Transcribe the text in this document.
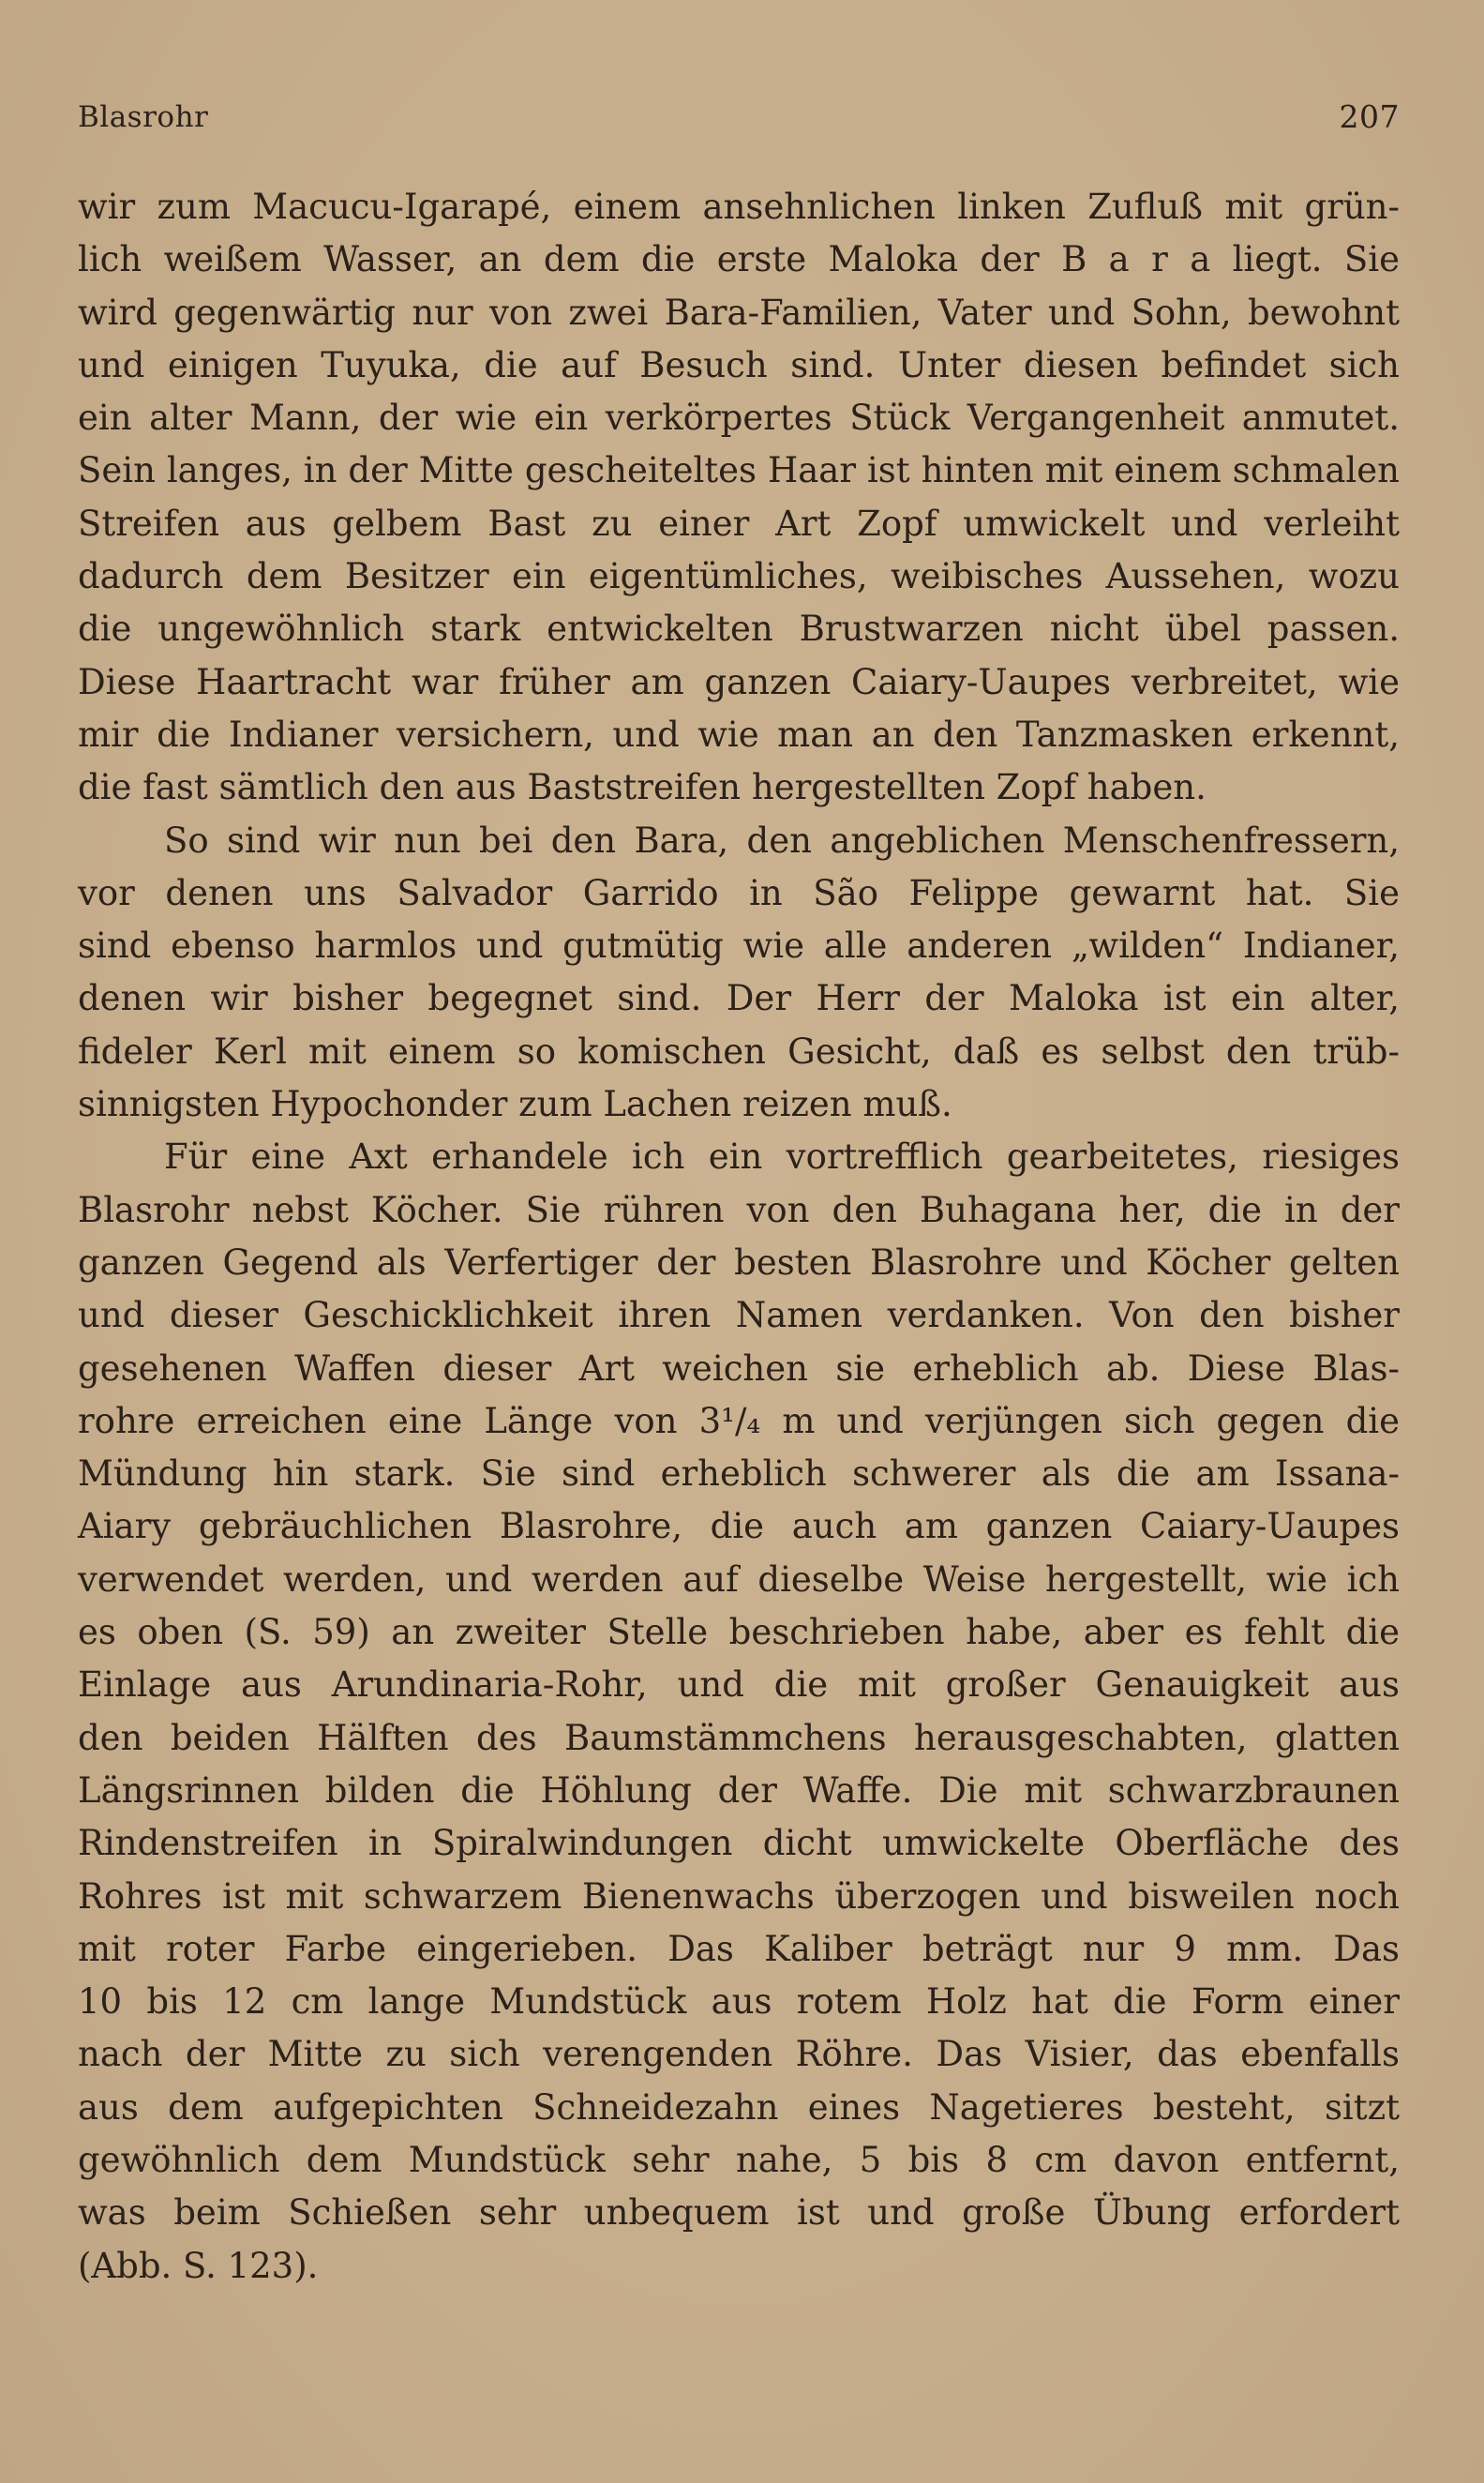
Blasrohr	207
wir zum Macucu-Igarapé, einem ansehnlichen linken Zufluß mit grün-
lich weißem Wasser, an dem die erste Maloka der B a r a liegt. Sie
wird gegenwärtig nur von zwei Bara-Familien, Vater und Sohn, bewohnt
und einigen Tuyuka, die auf Besuch sind. Unter diesen befindet sich
ein alter Mann, der wie ein verkörpertes Stück Vergangenheit anmutet.
Sein langes, in der Mitte gescheiteltes Haar ist hinten mit einem schmalen
Streifen aus gelbem Bast zu einer Art Zopf umwickelt und verleiht
dadurch dem Besitzer ein eigentümliches, weibisches Aussehen, wozu
die ungewöhnlich stark entwickelten Brustwarzen nicht übel passen.
Diese Haartracht war früher am ganzen Caiary-Uaupes verbreitet, wie
mir die Indianer versichern, und wie man an den Tanzmasken erkennt,
die fast sämtlich den aus Baststreifen hergestellten Zopf haben.
So sind wir nun bei den Bara, den angeblichen Menschenfressern,
vor denen uns Salvador Garrido in São Felippe gewarnt hat. Sie
sind ebenso harmlos und gutmütig wie alle anderen „wilden“ Indianer,
denen wir bisher begegnet sind. Der Herr der Maloka ist ein alter,
fideler Kerl mit einem so komischen Gesicht, daß es selbst den trüb-
sinnigsten Hypochonder zum Lachen reizen muß.
Für eine Axt erhandele ich ein vortrefflich gearbeitetes, riesiges
Blasrohr nebst Köcher. Sie rühren von den Buhagana her, die in der
ganzen Gegend als Verfertiger der besten Blasrohre und Köcher gelten
und dieser Geschicklichkeit ihren Namen verdanken. Von den bisher
gesehenen Waffen dieser Art weichen sie erheblich ab. Diese Blas-
rohre erreichen eine Länge von 3¹/₄ m und verjüngen sich gegen die
Mündung hin stark. Sie sind erheblich schwerer als die am Issana-
Aiary gebräuchlichen Blasrohre, die auch am ganzen Caiary-Uaupes
verwendet werden, und werden auf dieselbe Weise hergestellt, wie ich
es oben (S. 59) an zweiter Stelle beschrieben habe, aber es fehlt die
Einlage aus Arundinaria-Rohr, und die mit großer Genauigkeit aus
den beiden Hälften des Baumstämmchens herausgeschabten, glatten
Längsrinnen bilden die Höhlung der Waffe. Die mit schwarzbraunen
Rindenstreifen in Spiralwindungen dicht umwickelte Oberfläche des
Rohres ist mit schwarzem Bienenwachs überzogen und bisweilen noch
mit roter Farbe eingerieben. Das Kaliber beträgt nur 9 mm. Das
10 bis 12 cm lange Mundstück aus rotem Holz hat die Form einer
nach der Mitte zu sich verengenden Röhre. Das Visier, das ebenfalls
aus dem aufgepichten Schneidezahn eines Nagetieres besteht, sitzt
gewöhnlich dem Mundstück sehr nahe, 5 bis 8 cm davon entfernt,
was beim Schießen sehr unbequem ist und große Übung erfordert
(Abb. S. 123).
